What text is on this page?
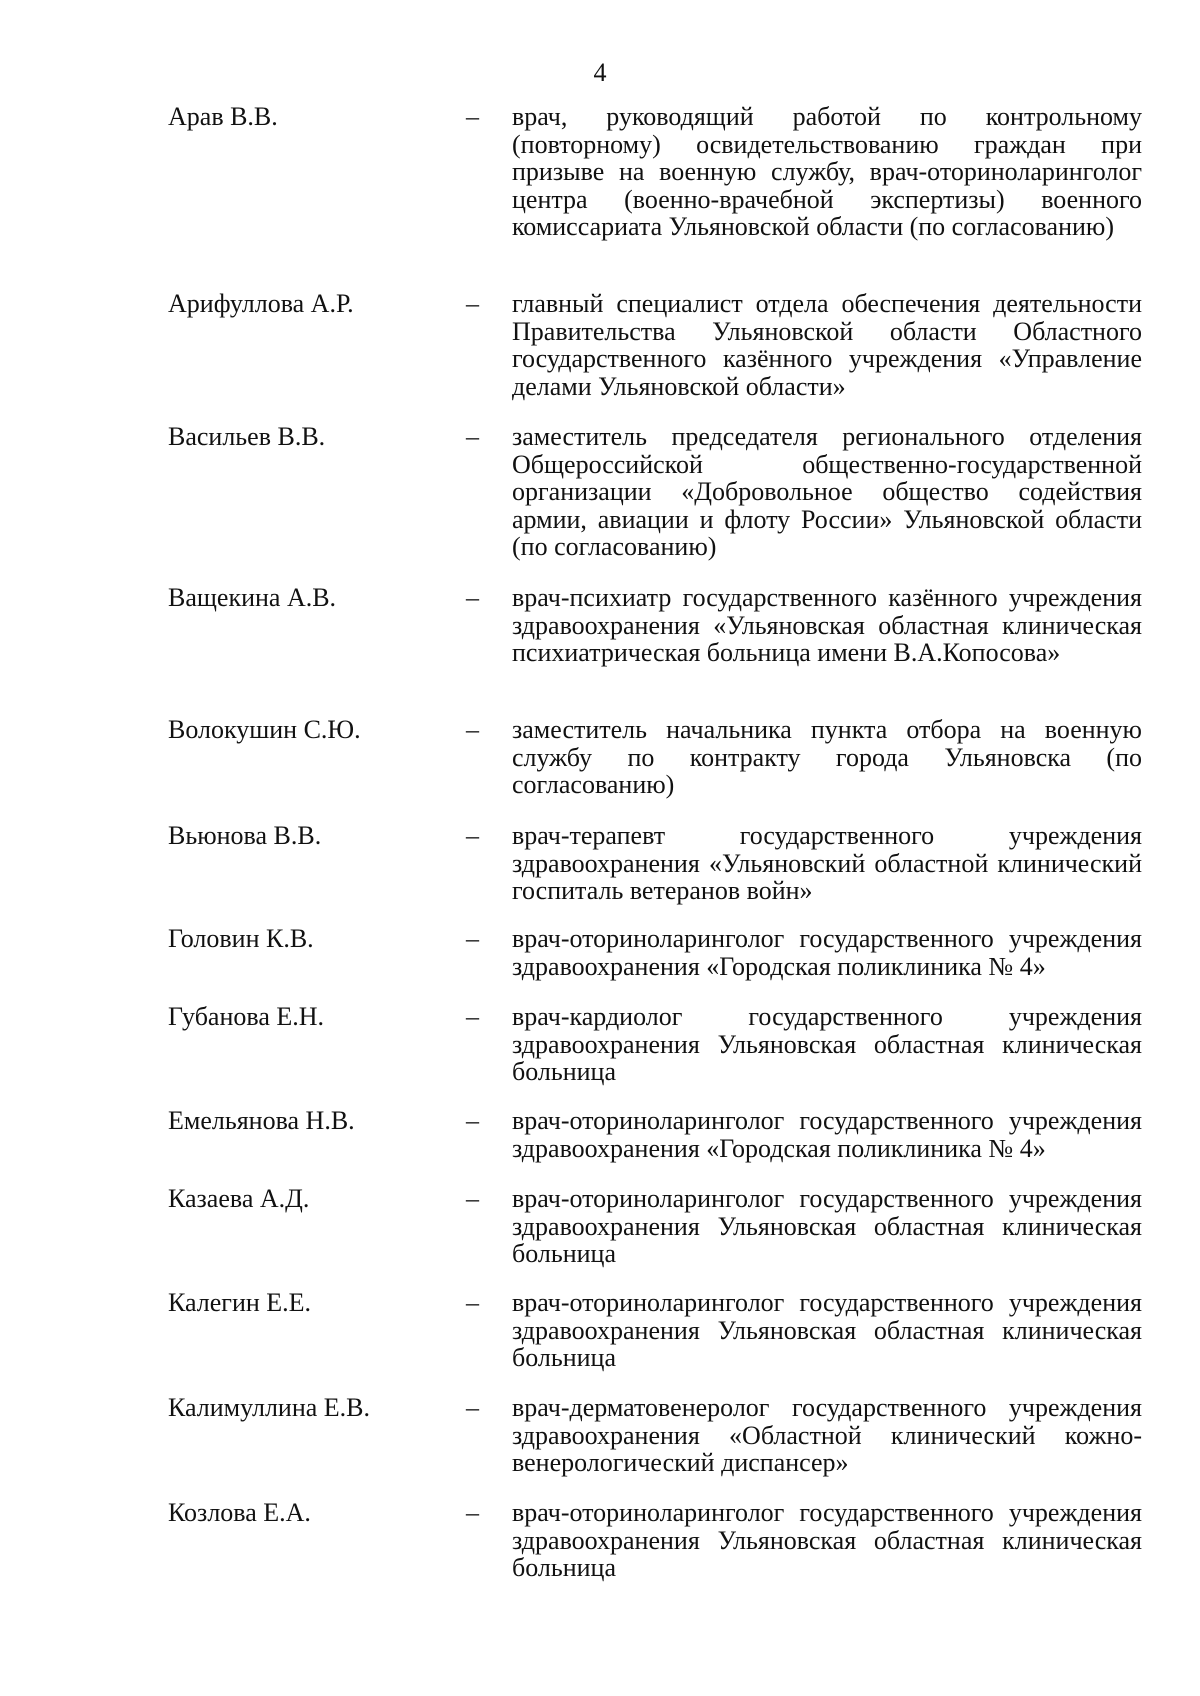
4
Арав В.В.	– врач, руководящий работой по контрольному (повторному) освидетельствованию граждан при призыве на военную службу, врач-оториноларинголог центра (военно-врачебной экспертизы) военного комиссариата Ульяновской области (по согласованию)
Арифуллова А.Р.	– главный специалист отдела обеспечения деятельности Правительства Ульяновской области Областного государственного казённого учреждения «Управление делами Ульяновской области»
Васильев В.В.	– заместитель председателя регионального отделения Общероссийской общественно-государственной организации «Добровольное общество содействия армии, авиации и флоту России» Ульяновской области (по согласованию)
Ващекина А.В.	– врач-психиатр государственного казённого учреждения здравоохранения «Ульяновская областная клиническая психиатрическая больница имени В.А.Копосова»
Волокушин С.Ю.	– заместитель начальника пункта отбора на военную службу по контракту города Ульяновска (по согласованию)
Вьюнова В.В.	– врач-терапевт государственного учреждения здравоохранения «Ульяновский областной клинический госпиталь ветеранов войн»
Головин К.В.	– врач-оториноларинголог государственного учреждения здравоохранения «Городская поликлиника № 4»
Губанова Е.Н.	– врач-кардиолог государственного учреждения здравоохранения Ульяновская областная клиническая больница
Емельянова Н.В.	– врач-оториноларинголог государственного учреждения здравоохранения «Городская поликлиника № 4»
Казаева А.Д.	– врач-оториноларинголог государственного учреждения здравоохранения Ульяновская областная клиническая больница
Калегин Е.Е.	– врач-оториноларинголог государственного учреждения здравоохранения Ульяновская областная клиническая больница
Калимуллина Е.В.	– врач-дерматовенеролог государственного учреждения здравоохранения «Областной клинический кожно-венерологический диспансер»
Козлова Е.А.	– врач-оториноларинголог государственного учреждения здравоохранения Ульяновская областная клиническая больница
